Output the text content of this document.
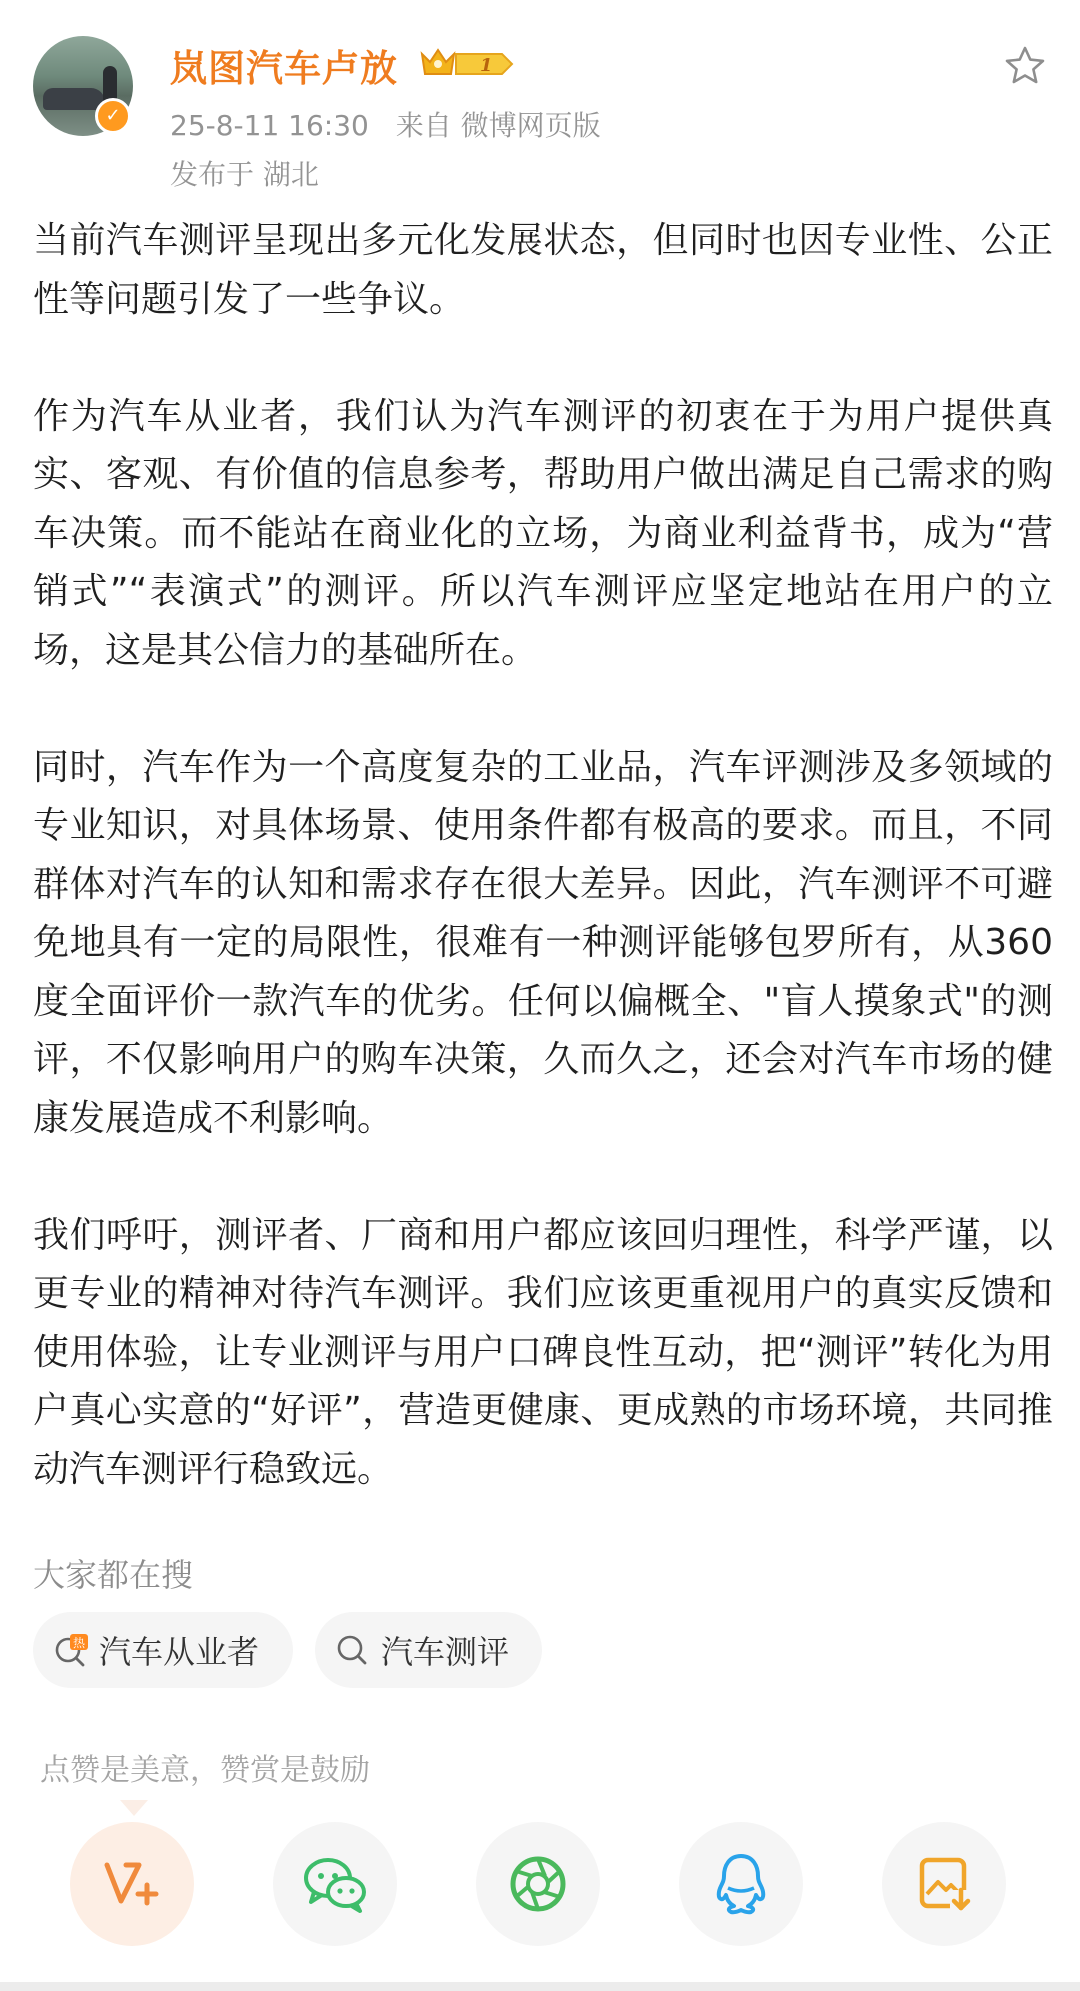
✓
岚图汽车卢放	1
25-8-11 16:30 来自 微博网页版
发布于 湖北

当前汽车测评呈现出多元化发展状态，但同时也因专业性、公正性等问题引发了一些争议。

作为汽车从业者，我们认为汽车测评的初衷在于为用户提供真实、客观、有价值的信息参考，帮助用户做出满足自己需求的购车决策。而不能站在商业化的立场，为商业利益背书，成为“营销式”“表演式”的测评。所以汽车测评应坚定地站在用户的立场，这是其公信力的基础所在。

同时，汽车作为一个高度复杂的工业品，汽车评测涉及多领域的专业知识，对具体场景、使用条件都有极高的要求。而且，不同群体对汽车的认知和需求存在很大差异。因此，汽车测评不可避免地具有一定的局限性，很难有一种测评能够包罗所有，从360度全面评价一款汽车的优劣。任何以偏概全、"盲人摸象式"的测评，不仅影响用户的购车决策，久而久之，还会对汽车市场的健康发展造成不利影响。

我们呼吁，测评者、厂商和用户都应该回归理性，科学严谨，以更专业的精神对待汽车测评。我们应该更重视用户的真实反馈和使用体验，让专业测评与用户口碑良性互动，把“测评”转化为用户真心实意的“好评”，营造更健康、更成熟的市场环境，共同推动汽车测评行稳致远。

大家都在搜
热 汽车从业者	汽车测评
点赞是美意，赞赏是鼓励
